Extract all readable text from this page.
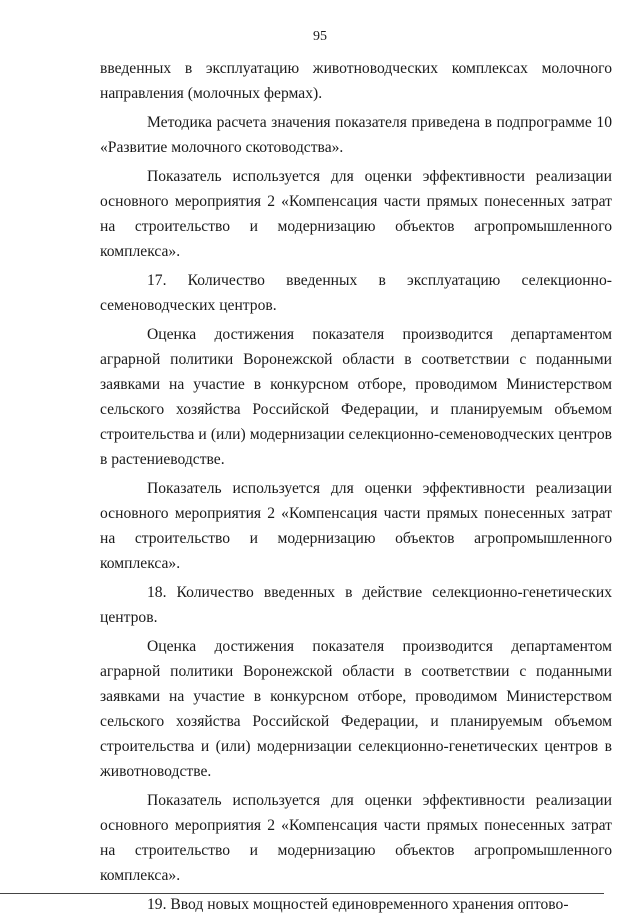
95

введенных в эксплуатацию животноводческих комплексах молочного направления (молочных фермах).

Методика расчета значения показателя приведена в подпрограмме 10 «Развитие молочного скотоводства».

Показатель используется для оценки эффективности реализации основного мероприятия 2 «Компенсация части прямых понесенных затрат на строительство и модернизацию объектов агропромышленного комплекса».

17. Количество введенных в эксплуатацию селекционно-семеноводческих центров.

Оценка достижения показателя производится департаментом аграрной политики Воронежской области в соответствии с поданными заявками на участие в конкурсном отборе, проводимом Министерством сельского хозяйства Российской Федерации, и планируемым объемом строительства и (или) модернизации селекционно-семеноводческих центров в растениеводстве.

Показатель используется для оценки эффективности реализации основного мероприятия 2 «Компенсация части прямых понесенных затрат на строительство и модернизацию объектов агропромышленного комплекса».

18. Количество введенных в действие селекционно-генетических центров.

Оценка достижения показателя производится департаментом аграрной политики Воронежской области в соответствии с поданными заявками на участие в конкурсном отборе, проводимом Министерством сельского хозяйства Российской Федерации, и планируемым объемом строительства и (или) модернизации селекционно-генетических центров в животноводстве.

Показатель используется для оценки эффективности реализации основного мероприятия 2 «Компенсация части прямых понесенных затрат на строительство и модернизацию объектов агропромышленного комплекса».

19. Ввод новых мощностей единовременного хранения оптово-
